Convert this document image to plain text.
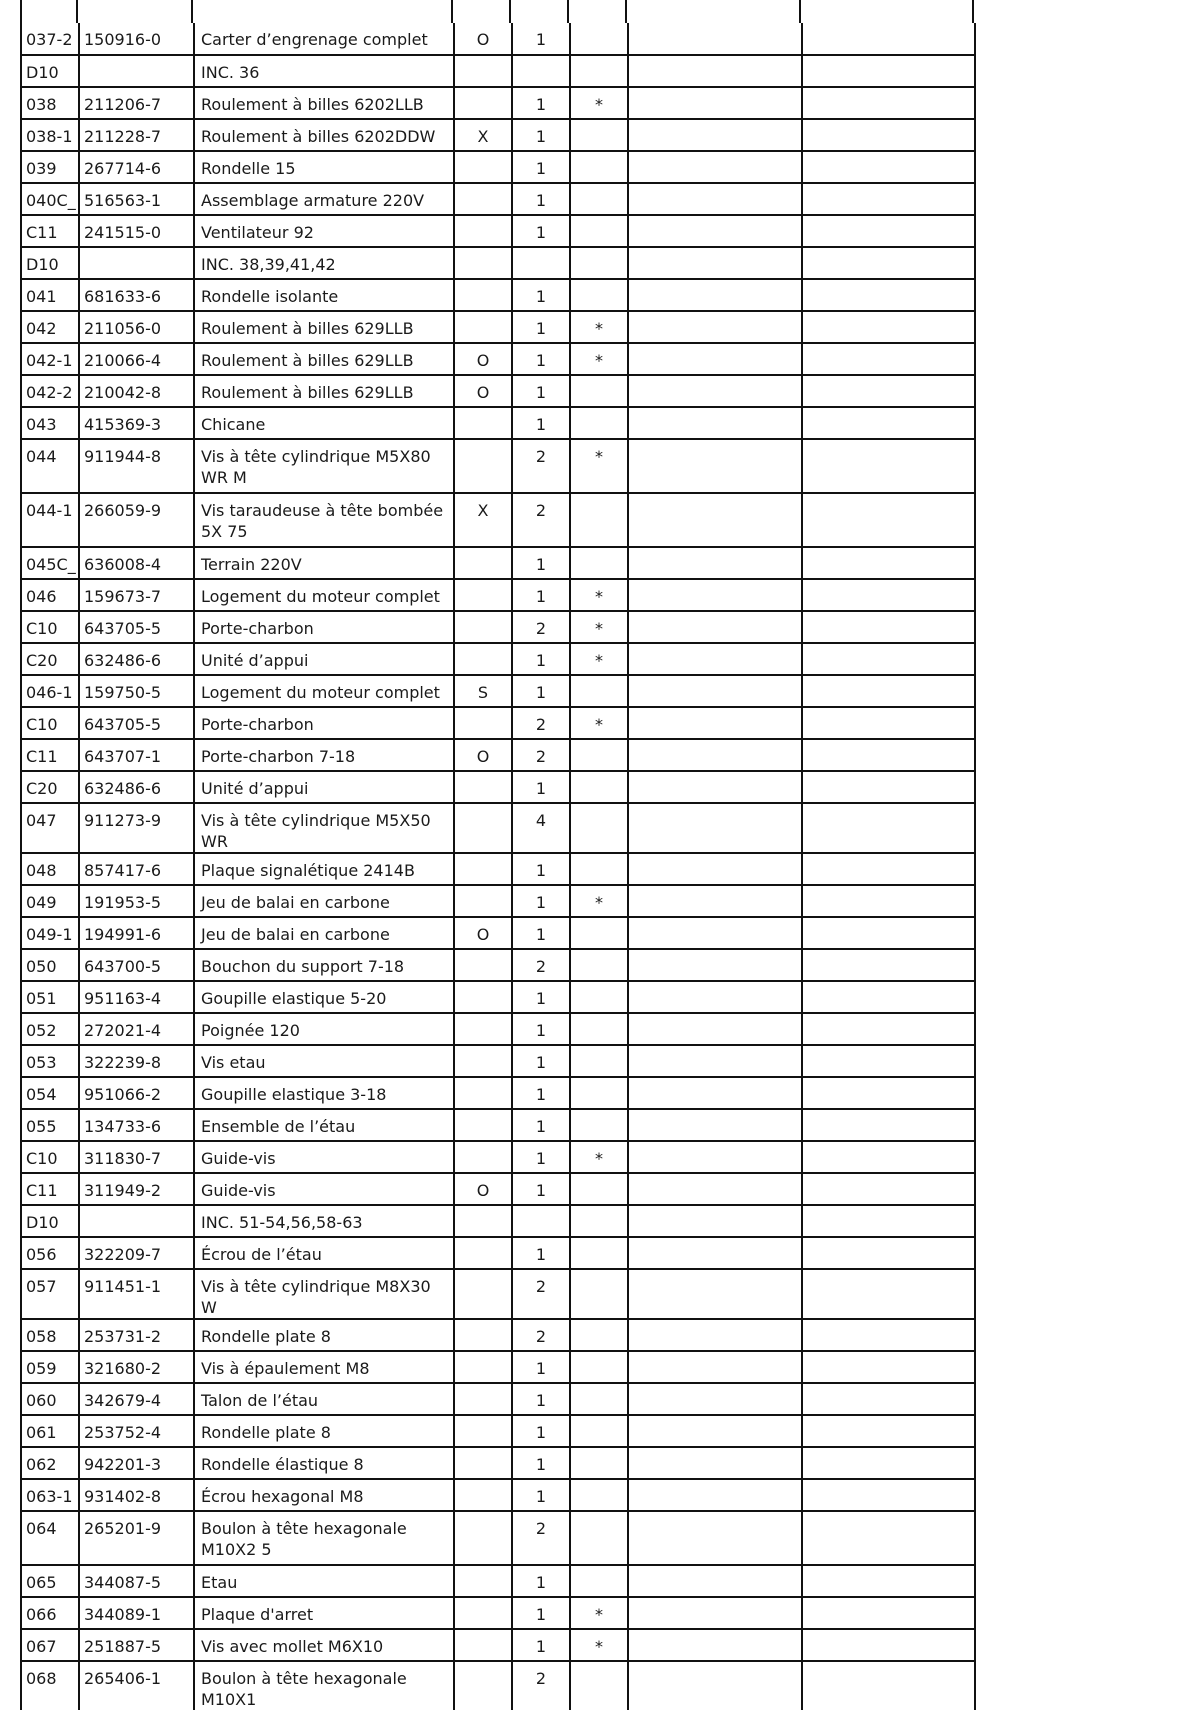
037-2	150916-0	Carter d’engrenage complet	O	1			
D10		INC. 36					
038	211206-7	Roulement à billes 6202LLB		1	*		
038-1	211228-7	Roulement à billes 6202DDW	X	1			
039	267714-6	Rondelle 15		1			
040C_	516563-1	Assemblage armature 220V		1			
C11	241515-0	Ventilateur 92		1			
D10		INC. 38,39,41,42					
041	681633-6	Rondelle isolante		1			
042	211056-0	Roulement à billes 629LLB		1	*		
042-1	210066-4	Roulement à billes 629LLB	O	1	*		
042-2	210042-8	Roulement à billes 629LLB	O	1			
043	415369-3	Chicane		1			
044	911944-8	Vis à tête cylindrique M5X80 WR M		2	*		
044-1	266059-9	Vis taraudeuse à tête bombée 5X 75	X	2			
045C_	636008-4	Terrain 220V		1			
046	159673-7	Logement du moteur complet		1	*		
C10	643705-5	Porte-charbon		2	*		
C20	632486-6	Unité d’appui		1	*		
046-1	159750-5	Logement du moteur complet	S	1			
C10	643705-5	Porte-charbon		2	*		
C11	643707-1	Porte-charbon 7-18	O	2			
C20	632486-6	Unité d’appui		1			
047	911273-9	Vis à tête cylindrique M5X50 WR		4			
048	857417-6	Plaque signalétique 2414B		1			
049	191953-5	Jeu de balai en carbone		1	*		
049-1	194991-6	Jeu de balai en carbone	O	1			
050	643700-5	Bouchon du support 7-18		2			
051	951163-4	Goupille elastique 5-20		1			
052	272021-4	Poignée 120		1			
053	322239-8	Vis etau		1			
054	951066-2	Goupille elastique 3-18		1			
055	134733-6	Ensemble de l’étau		1			
C10	311830-7	Guide-vis		1	*		
C11	311949-2	Guide-vis	O	1			
D10		INC. 51-54,56,58-63					
056	322209-7	Écrou de l’étau		1			
057	911451-1	Vis à tête cylindrique M8X30 W		2			
058	253731-2	Rondelle plate 8		2			
059	321680-2	Vis à épaulement M8		1			
060	342679-4	Talon de l’étau		1			
061	253752-4	Rondelle plate 8		1			
062	942201-3	Rondelle élastique 8		1			
063-1	931402-8	Écrou hexagonal M8		1			
064	265201-9	Boulon à tête hexagonale M10X2 5		2			
065	344087-5	Etau		1			
066	344089-1	Plaque d'arret		1	*		
067	251887-5	Vis avec mollet M6X10		1	*		
068	265406-1	Boulon à tête hexagonale M10X1		2			
